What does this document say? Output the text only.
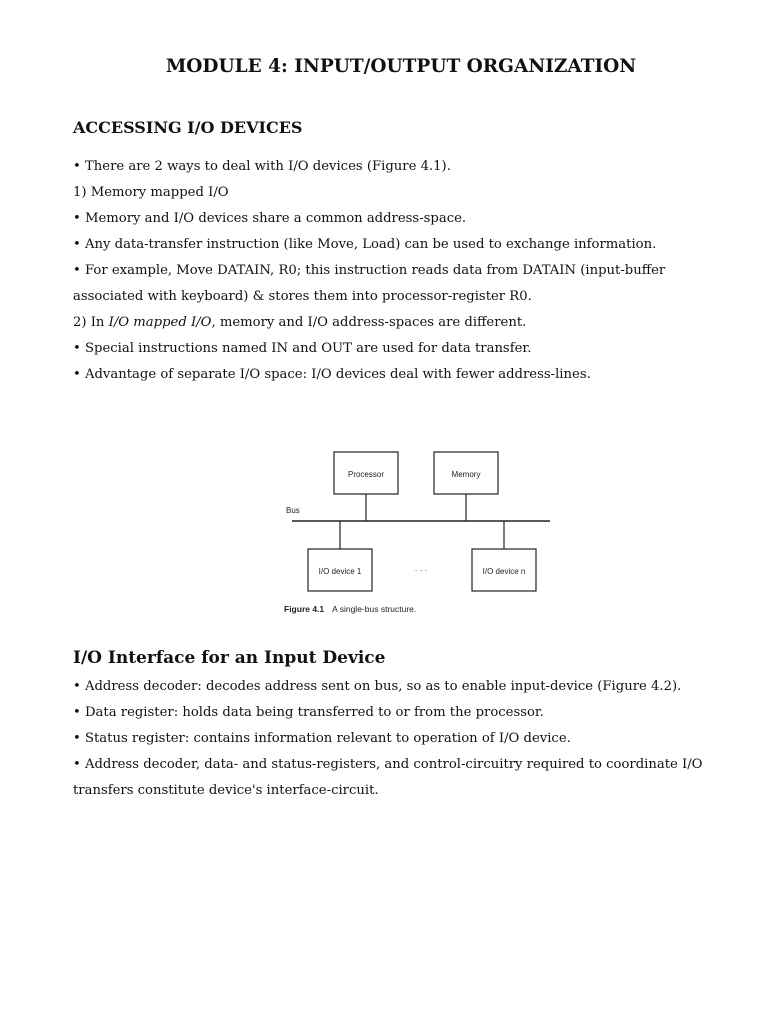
MODULE 4: INPUT/OUTPUT ORGANIZATION
ACCESSING I/O DEVICES
• There are 2 ways to deal with I/O devices (Figure 4.1).
1) Memory mapped I/O
• Memory and I/O devices share a common address-space.
• Any data-transfer instruction (like Move, Load) can be used to exchange information.
• For example, Move DATAIN, R0; this instruction reads data from DATAIN (input-buffer
associated with keyboard) & stores them into processor-register R0.
2) In I/O mapped I/O, memory and I/O address-spaces are different.
• Special instructions named IN and OUT are used for data transfer.
• Advantage of separate I/O space: I/O devices deal with fewer address-lines.
Processor	Memory
Bus
I/O device 1	· · ·	I/O device n
Figure 4.1 A single-bus structure.
I/O Interface for an Input Device
• Address decoder: decodes address sent on bus, so as to enable input-device (Figure 4.2).
• Data register: holds data being transferred to or from the processor.
• Status register: contains information relevant to operation of I/O device.
• Address decoder, data- and status-registers, and control-circuitry required to coordinate I/O
transfers constitute device's interface-circuit.
